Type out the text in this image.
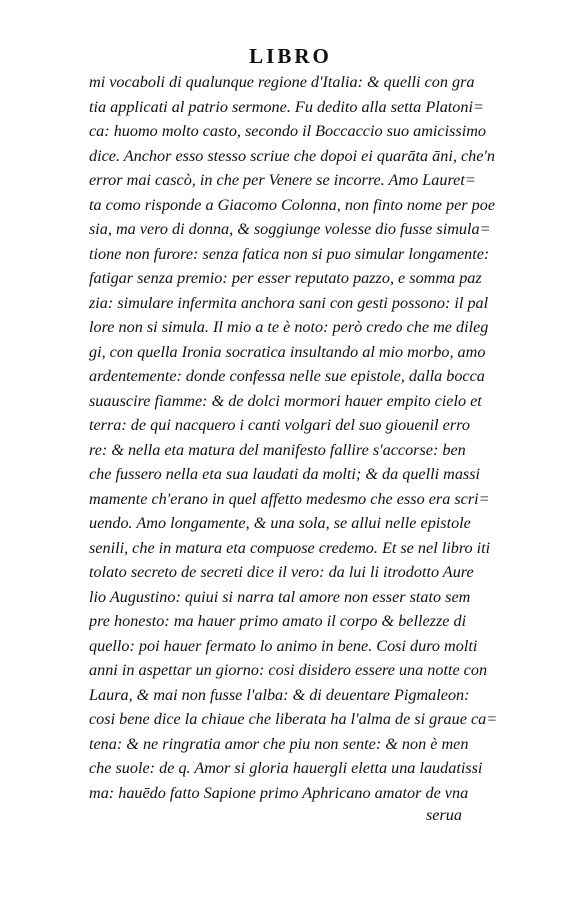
LIBRO
mi vocaboli di qualunque regione d'Italia: & quelli con gra
tia applicati al patrio sermone. Fu dedito alla setta Platoni=
ca: huomo molto casto, secondo il Boccaccio suo amicissimo
dice. Anchor esso stesso scriue che dopoi ei quarāta āni, che'n
error mai cascò, in che per Venere se incorre. Amo Lauret=
ta como risponde a Giacomo Colonna, non finto nome per poe
sia, ma vero di donna, & soggiunge volesse dio fusse simula=
tione non furore: senza fatica non si puo simular longamente:
fatigar senza premio: per esser reputato pazzo, e somma paz
zia: simulare infermita anchora sani con gesti possono: il pal
lore non si simula. Il mio a te è noto: però credo che me dileg
gi, con quella Ironia socratica insultando al mio morbo, amo
ardentemente: donde confessa nelle sue epistole, dalla bocca
suauscire fiamme: & de dolci mormori hauer empito cielo et
terra: de qui nacquero i canti volgari del suo giouenil erro
re: & nella eta matura del manifesto fallire s'accorse: ben
che fussero nella eta sua laudati da molti; & da quelli massi
mamente ch'erano in quel affetto medesmo che esso era scri=
uendo. Amo longamente, & una sola, se allui nelle epistole
senili, che in matura eta compuose credemo. Et se nel libro iti
tolato secreto de secreti dice il vero: da lui li itrodotto Aure
lio Augustino: quiui si narra tal amore non esser stato sem
pre honesto: ma hauer primo amato il corpo & bellezze di
quello: poi hauer fermato lo animo in bene. Cosi duro molti
anni in aspettar un giorno: cosi disidero essere una notte con
Laura, & mai non fusse l'alba: & di deuentare Pigmaleon:
cosi bene dice la chiaue che liberata ha l'alma de si graue ca=
tena: & ne ringratia amor che piu non sente: & non è men
che suole: de q. Amor si gloria hauergli eletta una laudatissi
ma: hauēdo fatto Sapione primo Aphricano amator de vna
serua
